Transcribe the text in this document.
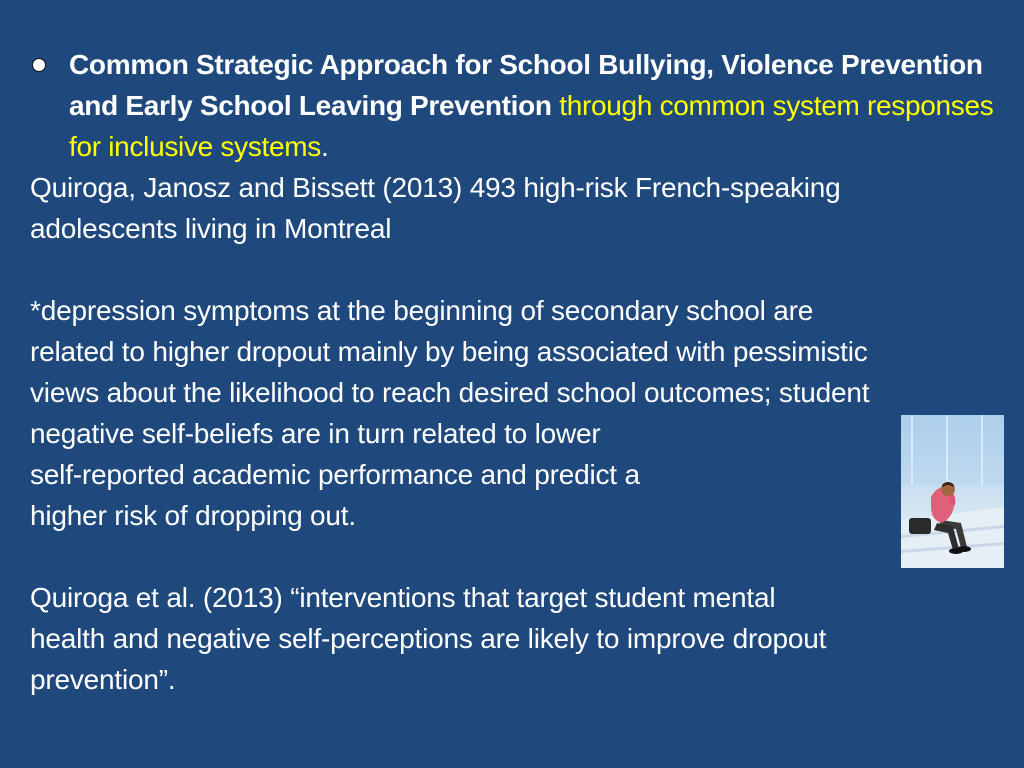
Common Strategic Approach for School Bullying, Violence Prevention and Early School Leaving Prevention through common system responses for inclusive systems.
Quiroga, Janosz and Bissett (2013) 493 high-risk French-speaking
adolescents living in Montreal
*depression symptoms at the beginning of secondary school are
related to higher dropout mainly by being associated with pessimistic
views about the likelihood to reach desired school outcomes; student
negative self-beliefs are in turn related to lower
self-reported academic performance and predict a
higher risk of dropping out.
Quiroga et al. (2013) “interventions that target student mental
health and negative self-perceptions are likely to improve dropout
prevention”.
